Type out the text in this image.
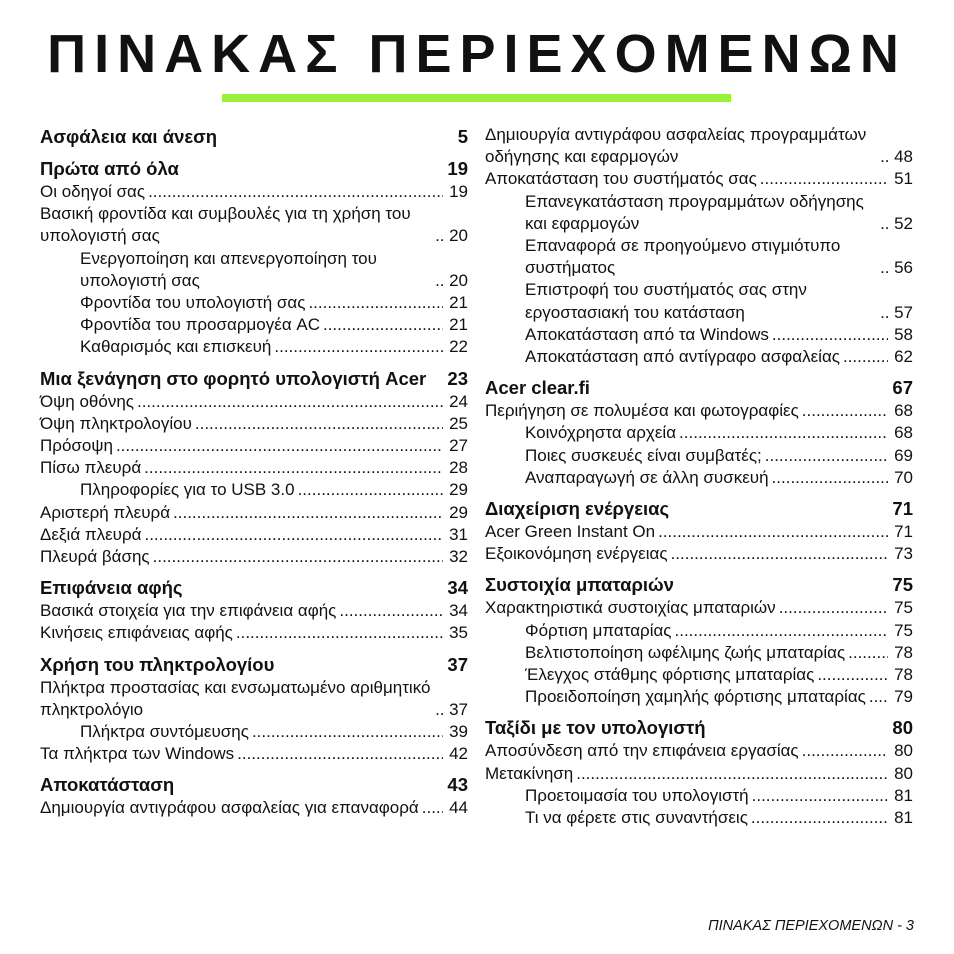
ΠΙΝΑΚΑΣ ΠΕΡΙΕΧΟΜΕΝΩΝ
Ασφάλεια και άνεση	5
Πρώτα από όλα	19
Οι οδηγοί σας .....	19
Βασική φροντίδα και συμβουλές για τη χρήση του υπολογιστή σας .....	20
Ενεργοποίηση και απενεργοποίηση του υπολογιστή σας .....	20
Φροντίδα του υπολογιστή σας .....	21
Φροντίδα του προσαρμογέα AC .....	21
Καθαρισμός και επισκευή .....	22
Μια ξενάγηση στο φορητό υπολογιστή Acer 23
Όψη οθόνης .....	24
Όψη πληκτρολογίου .....	25
Πρόσοψη .....	27
Πίσω πλευρά .....	28
Πληροφορίες για το USB 3.0 .....	29
Αριστερή πλευρά .....	29
Δεξιά πλευρά .....	31
Πλευρά βάσης .....	32
Επιφάνεια αφής	34
Βασικά στοιχεία για την επιφάνεια αφής .....	34
Κινήσεις επιφάνειας αφής .....	35
Χρήση του πληκτρολογίου	37
Πλήκτρα προστασίας και ενσωματωμένο αριθμητικό πληκτρολόγιο .....	37
Πλήκτρα συντόμευσης .....	39
Τα πλήκτρα των Windows .....	42
Αποκατάσταση	43
Δημιουργία αντιγράφου ασφαλείας για επαναφορά ..... 44
Δημιουργία αντιγράφου ασφαλείας προγραμμάτων οδήγησης και εφαρμογών .....	48
Αποκατάσταση του συστήματός σας .....	51
Επανεγκατάσταση προγραμμάτων οδήγησης και εφαρμογών .....	52
Επαναφορά σε προηγούμενο στιγμιότυπο συστήματος .....	56
Επιστροφή του συστήματός σας στην εργοστασιακή του κατάσταση .....	57
Αποκατάσταση από τα Windows .....	58
Αποκατάσταση από αντίγραφο ασφαλείας .....	62
Acer clear.fi	67
Περιήγηση σε πολυμέσα και φωτογραφίες .....	68
Κοινόχρηστα αρχεία .....	68
Ποιες συσκευές είναι συμβατές; .....	69
Αναπαραγωγή σε άλλη συσκευή .....	70
Διαχείριση ενέργειας	71
Acer Green Instant On .....	71
Εξοικονόμηση ενέργειας .....	73
Συστοιχία μπαταριών	75
Χαρακτηριστικά συστοιχίας μπαταριών .....	75
Φόρτιση μπαταρίας .....	75
Βελτιστοποίηση ωφέλιμης ζωής μπαταρίας .....	78
Έλεγχος στάθμης φόρτισης μπαταρίας .....	78
Προειδοποίηση χαμηλής φόρτισης μπαταρίας ..... 79
Ταξίδι με τον υπολογιστή	80
Αποσύνδεση από την επιφάνεια εργασίας .....	80
Μετακίνηση .....	80
Προετοιμασία του υπολογιστή .....	81
Τι να φέρετε στις συναντήσεις .....	81
ΠΙΝΑΚΑΣ ΠΕΡΙΕΧΟΜΕΝΩΝ - 3
